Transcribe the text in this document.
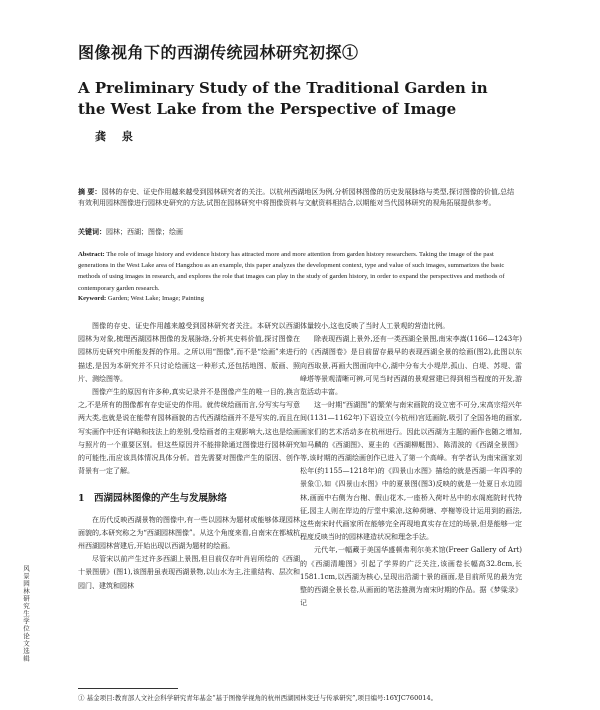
图像视角下的西湖传统园林研究初探①
A Preliminary Study of the Traditional Garden in the West Lake from the Perspective of Image

龚 泉

摘 要：园林的存史、证史作用越来越受到园林研究者的关注。以杭州西湖地区为例,分析园林图像的历史发展脉络与类型,探讨图像的价值,总结有效利用园林图像进行园林史研究的方法,试图在园林研究中将图像资料与文献资料相结合,以期能对当代园林研究的视角拓展提供参考。

关键词：园林；西湖；图像；绘画

Abstract: The role of image history and evidence history has attracted more and more attention from garden history researchers. Taking the image of the past generations in the West Lake area of Hangzhou as an example, this paper analyzes the development context, type and value of such images, summarizes the basic methods of using images in research, and explores the role that images can play in the study of garden history, in order to expand the perspectives and methods of contemporary garden research.

Keyword: Garden; West Lake; Image; Painting

图像的存史、证史作用越来越受到园林研究者关注。本研究以西湖园林为对象,梳理西湖园林图像的发展脉络,分析其史料价值,探讨图像在园林历史研究中所能发挥的作用。之所以用“图像”,而不是“绘画”来进行描述,是因为本研究并不只讨论绘画这一种形式,还包括地图、版画、照片、测绘图等。

图像产生的原因有许多种,真实记录并不是图像产生的唯一目的,换言之,不是所有的图像都有存史证史的作用。就传统绘画而言,分写实与写意两大类,也就是说在能带有园林画貌的古代西湖绘画并不是写实的,而且在写实画作中还有详略和技法上的差别,受绘画者的主观影响大,这也是绘画与照片的一个重要区别。但这些原因并不能排除通过图像进行园林研究的可能性,而应该具体情况具体分析。首先需要对图像产生的原因、创作背景有一定了解。

1 西湖园林图像的产生与发展脉络

在历代反映西湖景物的图像中,有一些以园林为题材或能够体现园林面貌的,本研究称之为“西湖园林图像”。从这个角度来看,自南宋在都城杭州西湖园林营建后,开始出现以西湖为题材的绘画。

尽管宋以前产生过许多西湖上景图,但目前仅存叶肖岩所绘的《西湖十景图册》(图1),该图册虽表现西湖景物,以山水为主,注重结构、层次和园门、建筑和园林

体量较小,这也反映了当时人工景观的营造比例。

除表现西湖上景外,还有一类西湖全景图,南宋李嵩(1166—1243年)的《西湖图卷》是目前留存最早的表现西湖全景的绘画(图2),此图以东向西取景,再画大图面向中心,湖中分布大小堤岸,孤山、白堤、苏堤、雷峰塔等景观清晰可辨,可见当时西湖的景观营建已得到相当程度的开发,游览活动丰富。

这一时期“西湖图”的繁荣与南宋画院的设立密不可分,宋高宗绍兴年间(1131—1162年)下诏设立(今杭州)宫廷画院,吸引了全国各地的画家,画家们的艺术活动多在杭州进行。因此以西湖为主题的画作也随之增加,如马麟的《西湖图》、夏圭的《西湖柳艇图》、陈清波的《西湖全景图》等,该时期的西湖绘画创作已进入了第一个高峰。有学者认为南宋画家刘松年(约1155—1218年)的《四景山水图》描绘的就是西湖一年四季的景象①,如《四景山水图》中的夏景图(图3)反映的就是一处夏日水边园林,画面中右侧为台榭、假山花木,一座桥入荷叶丛中的水阁庭院时代特征,园主人则在岸边的厅堂中乘凉,这种荷塘、亭榭等设计运用到的画法,这些南宋时代画家所在能够完全再现地真实存在过的场景,但是能够一定程度反映当时的园林建造状况和理念手法。

元代年,一幅藏于美国华盛顿弗利尔美术馆(Freer Gallery of Art)的《西湖清趣图》引起了学界的广泛关注,该画卷长幅高32.8cm,长1581.1cm,以西湖为核心,呈现出沿湖十景的画面,是目前所见的最为完整的西湖全景长卷,从画面的笔法推测为南宋时期的作品。据《梦粱录》记

风景园林研究生学位论文选辑

① 基金项目:教育部人文社会科学研究青年基金“基于图像学视角的杭州西湖园林变迁与传承研究”,项目编号:16YJC760014。
